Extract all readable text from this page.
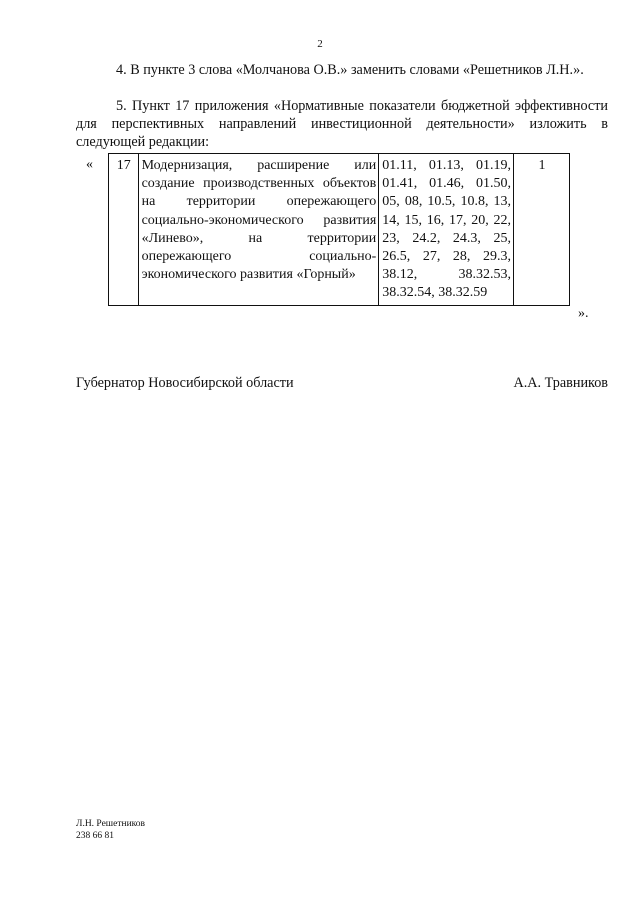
2
4. В пункте 3 слова «Молчанова О.В.» заменить словами «Решетников Л.Н.».
5. Пункт 17 приложения «Нормативные показатели бюджетной эффективности для перспективных направлений инвестиционной деятельности» изложить в следующей редакции:
« 17	Модернизация, расширение или создание производственных объектов на территории опережающего социально-экономического развития «Линево», на территории опережающего социально-экономического развития «Горный»	01.11, 01.13, 01.19, 01.41, 01.46, 01.50, 05, 08, 10.5, 10.8, 13, 14, 15, 16, 17, 20, 22, 23, 24.2, 24.3, 25, 26.5, 27, 28, 29.3, 38.12, 38.32.53, 38.32.54, 38.32.59	1
».
Губернатор Новосибирской области	А.А. Травников
Л.Н. Решетников
238 66 81
